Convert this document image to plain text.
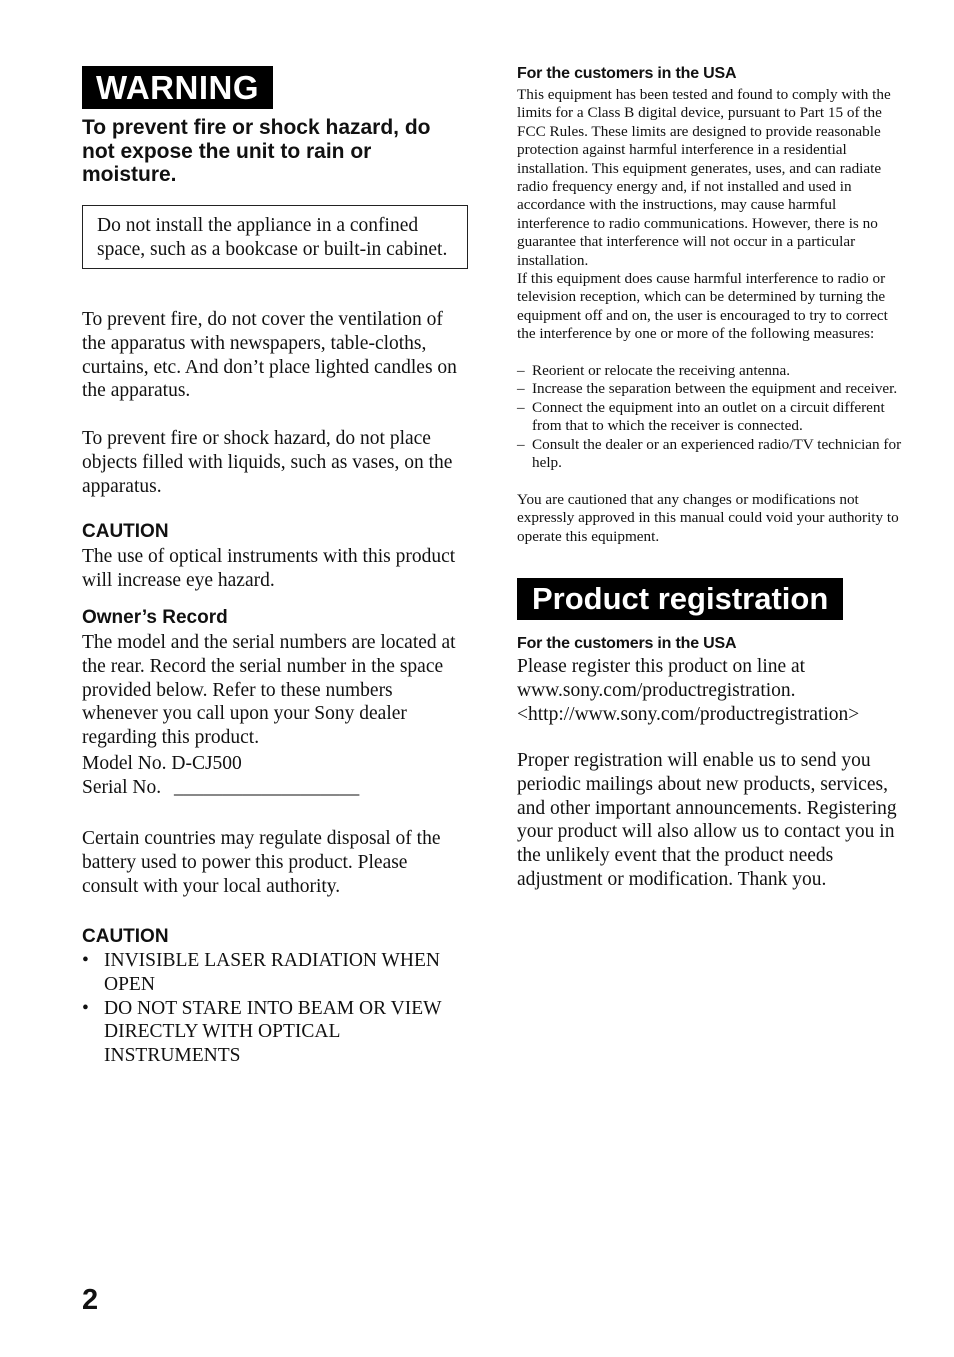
WARNING
To prevent fire or shock hazard, do not expose the unit to rain or moisture.
Do not install the appliance in a confined space, such as a bookcase or built-in cabinet.
To prevent fire, do not cover the ventilation of the apparatus with newspapers, table-cloths, curtains, etc. And don’t place lighted candles on the apparatus.
To prevent fire or shock hazard, do not place objects filled with liquids, such as vases, on the apparatus.
CAUTION
The use of optical instruments with this product will increase eye hazard.
Owner’s Record
The model and the serial numbers are located at the rear. Record the serial number in the space provided below. Refer to these numbers whenever you call upon your Sony dealer regarding this product.
Model No. D-CJ500
Serial No. ___________________
Certain countries may regulate disposal of the battery used to power this product. Please consult with your local authority.
CAUTION
• INVISIBLE LASER RADIATION WHEN OPEN
• DO NOT STARE INTO BEAM OR VIEW DIRECTLY WITH OPTICAL INSTRUMENTS
For the customers in the USA
This equipment has been tested and found to comply with the limits for a Class B digital device, pursuant to Part 15 of the FCC Rules. These limits are designed to provide reasonable protection against harmful interference in a residential installation. This equipment generates, uses, and can radiate radio frequency energy and, if not installed and used in accordance with the instructions, may cause harmful interference to radio communications. However, there is no guarantee that interference will not occur in a particular installation.
If this equipment does cause harmful interference to radio or television reception, which can be determined by turning the equipment off and on, the user is encouraged to try to correct the interference by one or more of the following measures:
– Reorient or relocate the receiving antenna.
– Increase the separation between the equipment and receiver.
– Connect the equipment into an outlet on a circuit different from that to which the receiver is connected.
– Consult the dealer or an experienced radio/TV technician for help.
You are cautioned that any changes or modifications not expressly approved in this manual could void your authority to operate this equipment.
Product registration
For the customers in the USA
Please register this product on line at www.sony.com/productregistration. <http://www.sony.com/productregistration>
Proper registration will enable us to send you periodic mailings about new products, services, and other important announcements. Registering your product will also allow us to contact you in the unlikely event that the product needs adjustment or modification. Thank you.
2
